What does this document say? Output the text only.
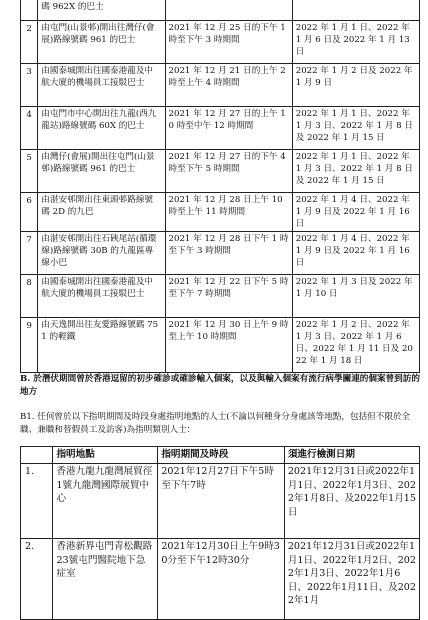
	碼 962X 的巴士		
2	由屯門(山景邨)開出往灣仔(會展)路線號碼 961 的巴士	2021 年 12 月 25 日的下午 1 時至下午 3 時期間	2022 年 1 月 1 日、2022 年 1 月 6 日及 2022 年 1 月 13 日
3	由國泰城開出往國泰港龍及中航大廈的機場員工接駁巴士	2021 年 12 月 21 日的上午 2 時至上午 4 時期間	2022 年 1 月 2 日及 2022 年 1 月 9 日
4	由屯門市中心開出往九龍(西九龍站)路線號碼 60X 的巴士	2021 年 12 月 27 日的上午 10 時至中午 12 時期間	2022 年 1 月 1 日、2022 年 1 月 3 日、2022 年 1 月 8 日及 2022 年 1 月 15 日
5	由灣仔(會展)開出往屯門(山景邨)路線號碼 961 的巴士	2021 年 12 月 27 日的下午 4 時至下午 5 時期間	2022 年 1 月 1 日、2022 年 1 月 3 日、2022 年 1 月 8 日及 2022 年 1 月 15 日
6	由湛安邨開出往東頭邨路線號碼 2D 的九巴	2021 年 12 月 28 日上午 10 時至上午 11 時期間	2022 年 1 月 4 日、2022 年 1 月 9 日及 2022 年 1 月 16 日
7	由湛安邨開出往石硤尾站(循環線)路線號碼 30B 的九龍區專線小巴	2021 年 12 月 28 日下午 1 時至下午 3 時期間	2022 年 1 月 4 日、2022 年 1 月 9 日及 2022 年 1 月 16 日
8	由國泰城開出往國泰港龍及中航大廈的機場員工接駁巴士	2021 年 12 月 22 日下午 5 時至下午 7 時期間	2022 年 1 月 3 日及 2022 年 1 月 10 日
9	由天逸開出往友愛路線號碼 751 的輕鐵	2021 年 12 月 30 日上午 9 時至上午 10 時期間	2022 年 1 月 2 日、2022 年 1 月 3 日、2022 年 1 月 6 日、2022 年 1 月 11 日及 2022 年 1 月 18 日
B. 於潛伏期間曾於香港逗留的初步確診或確診輸入個案，以及與輸入個案有流行病學關連的個案曾到訪的地方
B1. 任何曾於以下指明期間及時段身處指明地點的人士(不論以何種身分身處該等地點，包括但不限於全職、兼職和替假員工及訪客)為指明類別人士：
	指明地點	指明期間及時段	須進行檢測日期
1.	香港九龍九龍灣展貿徑1號九龍灣國際展貿中心	2021年12月27日下午5時至下午7時	2021年12月31日或2022年1月1日、2022年1月3日、2022年1月8日、及2022年1月15日
2.	香港新界屯門青松觀路23號屯門醫院地下急症室	2021年12月30日上午9時30分至下午12時30分	2021年12月31日或2022年1月1日、2022年1月2日、2022年1月3日、2022年1月6日、2022年1月11日、及2022年1月
